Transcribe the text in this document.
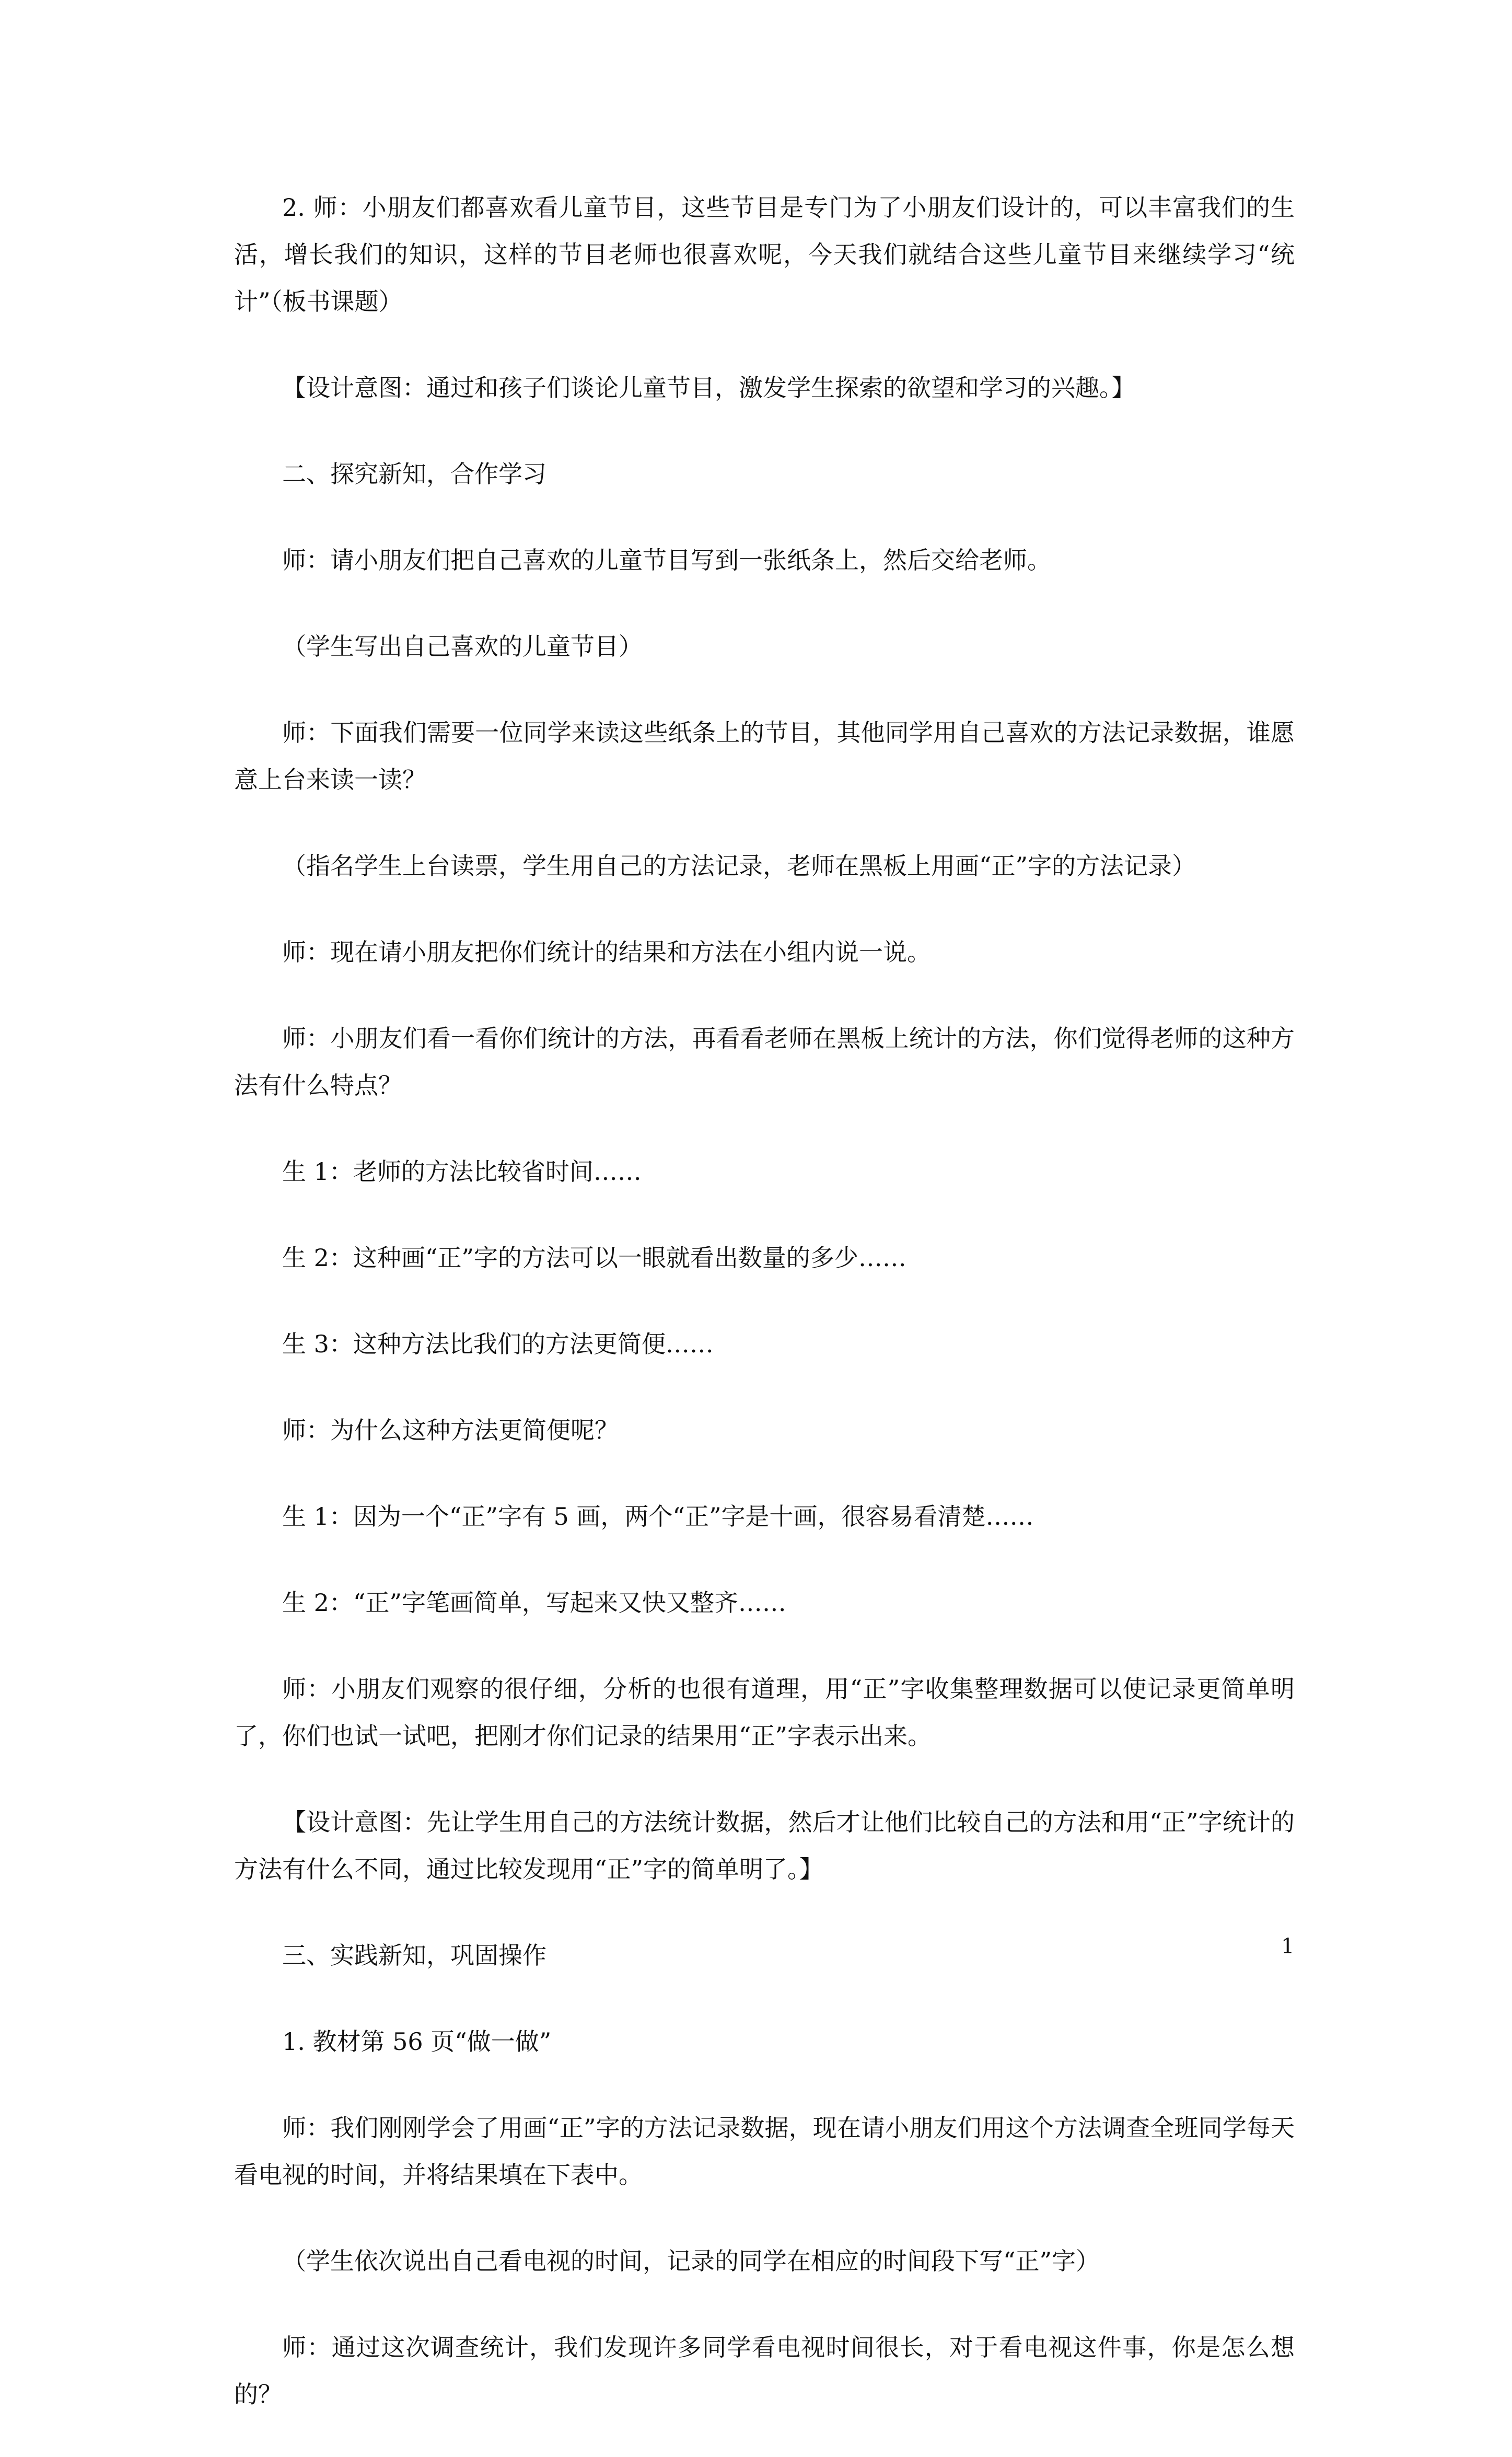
2. 师：小朋友们都喜欢看儿童节目，这些节目是专门为了小朋友们设计的，可以丰富我们的生活，增长我们的知识，这样的节目老师也很喜欢呢，今天我们就结合这些儿童节目来继续学习“统计”（板书课题）

【设计意图：通过和孩子们谈论儿童节目，激发学生探索的欲望和学习的兴趣。】

二、探究新知，合作学习

师：请小朋友们把自己喜欢的儿童节目写到一张纸条上，然后交给老师。

（学生写出自己喜欢的儿童节目）

师：下面我们需要一位同学来读这些纸条上的节目，其他同学用自己喜欢的方法记录数据，谁愿意上台来读一读？

（指名学生上台读票，学生用自己的方法记录，老师在黑板上用画“正”字的方法记录）

师：现在请小朋友把你们统计的结果和方法在小组内说一说。

师：小朋友们看一看你们统计的方法，再看看老师在黑板上统计的方法，你们觉得老师的这种方法有什么特点？

生 1：老师的方法比较省时间……

生 2：这种画“正”字的方法可以一眼就看出数量的多少……

生 3：这种方法比我们的方法更简便……

师：为什么这种方法更简便呢？

生 1：因为一个“正”字有 5 画，两个“正”字是十画，很容易看清楚……

生 2：“正”字笔画简单，写起来又快又整齐……

师：小朋友们观察的很仔细，分析的也很有道理，用“正”字收集整理数据可以使记录更简单明了，你们也试一试吧，把刚才你们记录的结果用“正”字表示出来。

【设计意图：先让学生用自己的方法统计数据，然后才让他们比较自己的方法和用“正”字统计的方法有什么不同，通过比较发现用“正”字的简单明了。】

三、实践新知，巩固操作

1. 教材第 56 页“做一做”

师：我们刚刚学会了用画“正”字的方法记录数据，现在请小朋友们用这个方法调查全班同学每天看电视的时间，并将结果填在下表中。

（学生依次说出自己看电视的时间，记录的同学在相应的时间段下写“正”字）

师：通过这次调查统计，我们发现许多同学看电视时间很长，对于看电视这件事，你是怎么想的？

1
